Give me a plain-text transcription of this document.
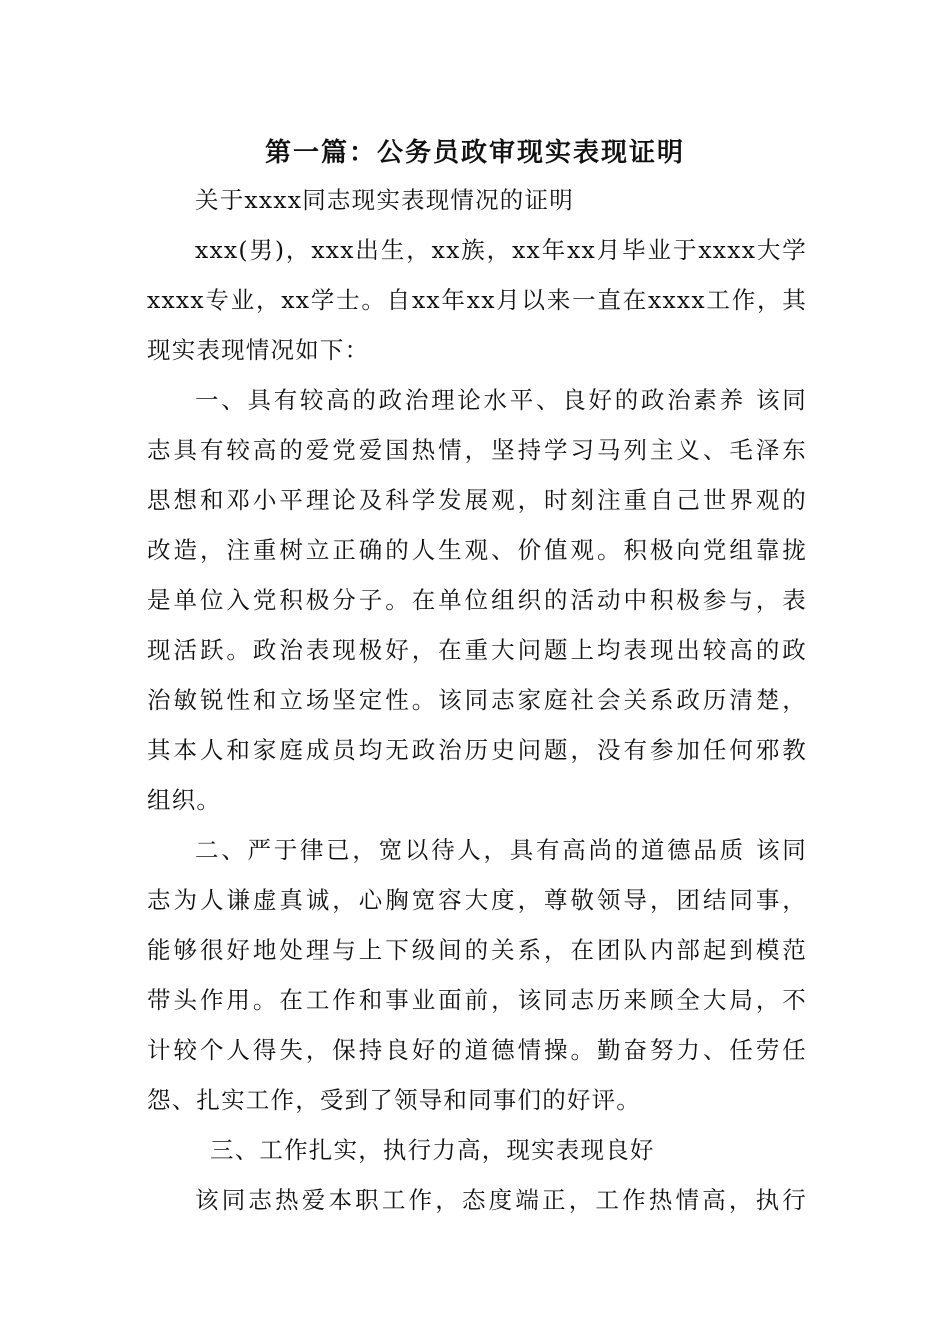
第一篇：公务员政审现实表现证明
关于xxxx同志现实表现情况的证明
xxx(男)，xxx出生，xx族，xx年xx月毕业于xxxx大学
xxxx专业，xx学士。自xx年xx月以来一直在xxxx工作，其
现实表现情况如下：
一、具有较高的政治理论水平、良好的政治素养 该同
志具有较高的爱党爱国热情，坚持学习马列主义、毛泽东
思想和邓小平理论及科学发展观，时刻注重自己世界观的
改造，注重树立正确的人生观、价值观。积极向党组靠拢
是单位入党积极分子。在单位组织的活动中积极参与，表
现活跃。政治表现极好，在重大问题上均表现出较高的政
治敏锐性和立场坚定性。该同志家庭社会关系政历清楚，
其本人和家庭成员均无政治历史问题，没有参加任何邪教
组织。
二、严于律已，宽以待人，具有高尚的道德品质 该同
志为人谦虚真诚，心胸宽容大度，尊敬领导，团结同事，
能够很好地处理与上下级间的关系，在团队内部起到模范
带头作用。在工作和事业面前，该同志历来顾全大局，不
计较个人得失，保持良好的道德情操。勤奋努力、任劳任
怨、扎实工作，受到了领导和同事们的好评。
三、工作扎实，执行力高，现实表现良好
该同志热爱本职工作，态度端正，工作热情高，执行
